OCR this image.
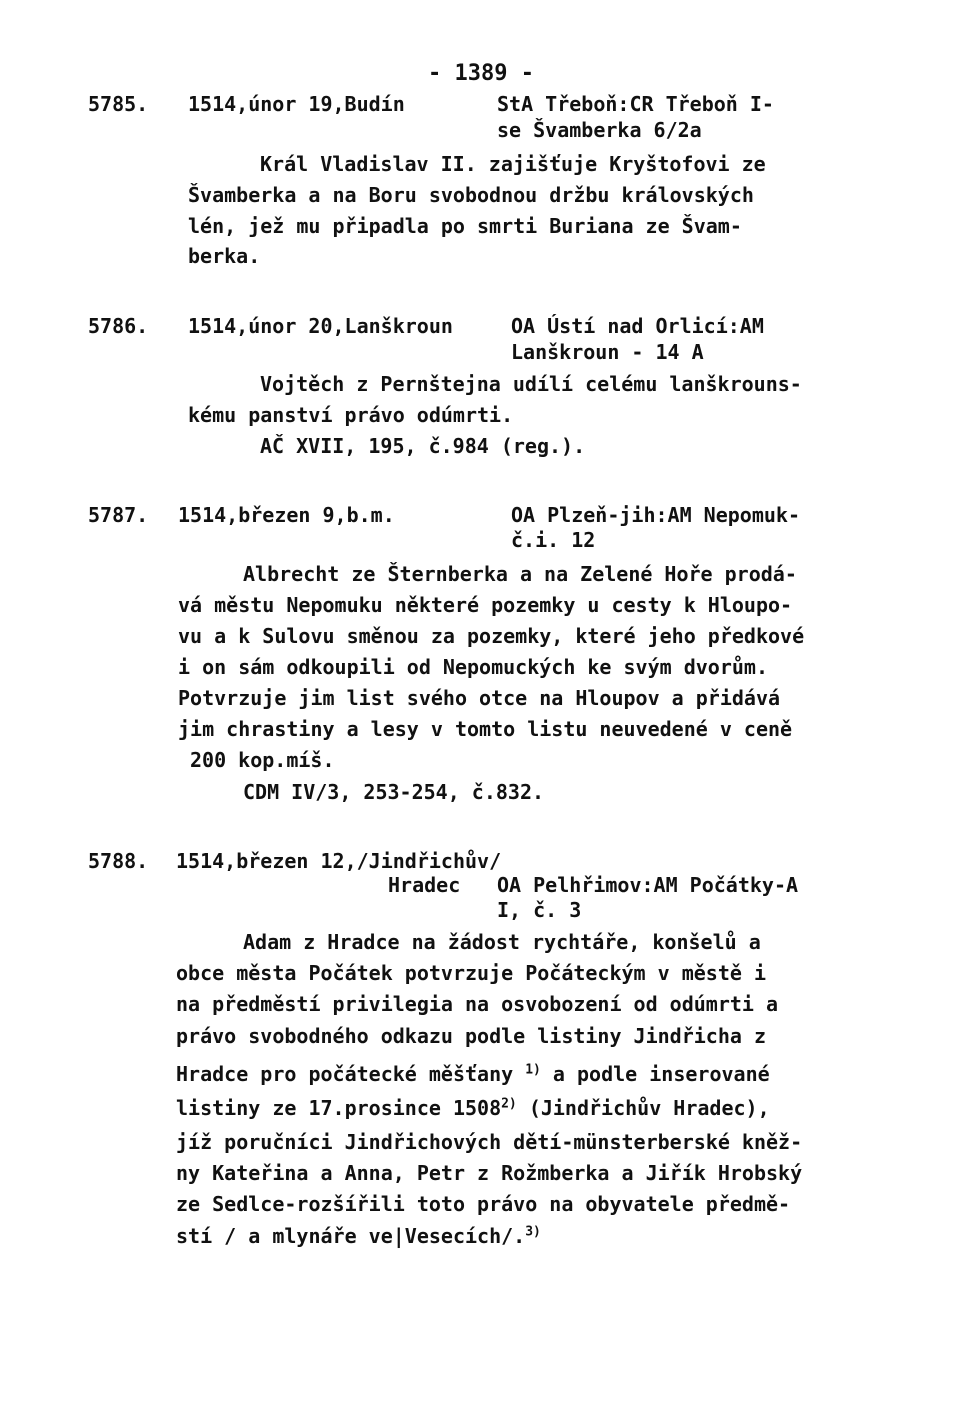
- 1389 -
5785. 1514,únor 19,Budín	StA Třeboň:CR Třeboň I-
se Švamberka 6/2a
Král Vladislav II. zajišťuje Kryštofovi ze
Švamberka a na Boru svobodnou držbu královských
lén, jež mu připadla po smrti Buriana ze Švam-
berka.
5786. 1514,únor 20,Lanškroun	OA Ústí nad Orlicí:AM
Lanškroun - 14 A
Vojtěch z Pernštejna udílí celému lanškrouns-
kému panství právo odúmrti.
AČ XVII, 195, č.984 (reg.).
5787. 1514,březen 9,b.m.	OA Plzeň-jih:AM Nepomuk-
č.i. 12
Albrecht ze Šternberka a na Zelené Hoře prodá-
vá městu Nepomuku některé pozemky u cesty k Hloupo-
vu a k Sulovu směnou za pozemky, které jeho předkové
i on sám odkoupili od Nepomuckých ke svým dvorům.
Potvrzuje jim list svého otce na Hloupov a přidává
jim chrastiny a lesy v tomto listu neuvedené v ceně
200 kop.míš.
CDM IV/3, 253-254, č.832.
5788. 1514,březen 12,/Jindřichův/
Hradec OA Pelhřimov:AM Počátky-A
I, č. 3
Adam z Hradce na žádost rychtáře, konšelů a
obce města Počátek potvrzuje Počáteckým v městě i
na předměstí privilegia na osvobození od odúmrti a
právo svobodného odkazu podle listiny Jindřicha z
Hradce pro počátecké měšťany $^{1)}$ a podle inserované
listiny ze 17.prosince 1508$^{2)}$ (Jindřichův Hradec),
jíž poručníci Jindřichových dětí-münsterberské kněž-
ny Kateřina a Anna, Petr z Rožmberka a Jiřík Hrobský
ze Sedlce-rozšířili toto právo na obyvatele předmě-
stí / a mlynáře ve|Vesecích/.$^{3)}$
